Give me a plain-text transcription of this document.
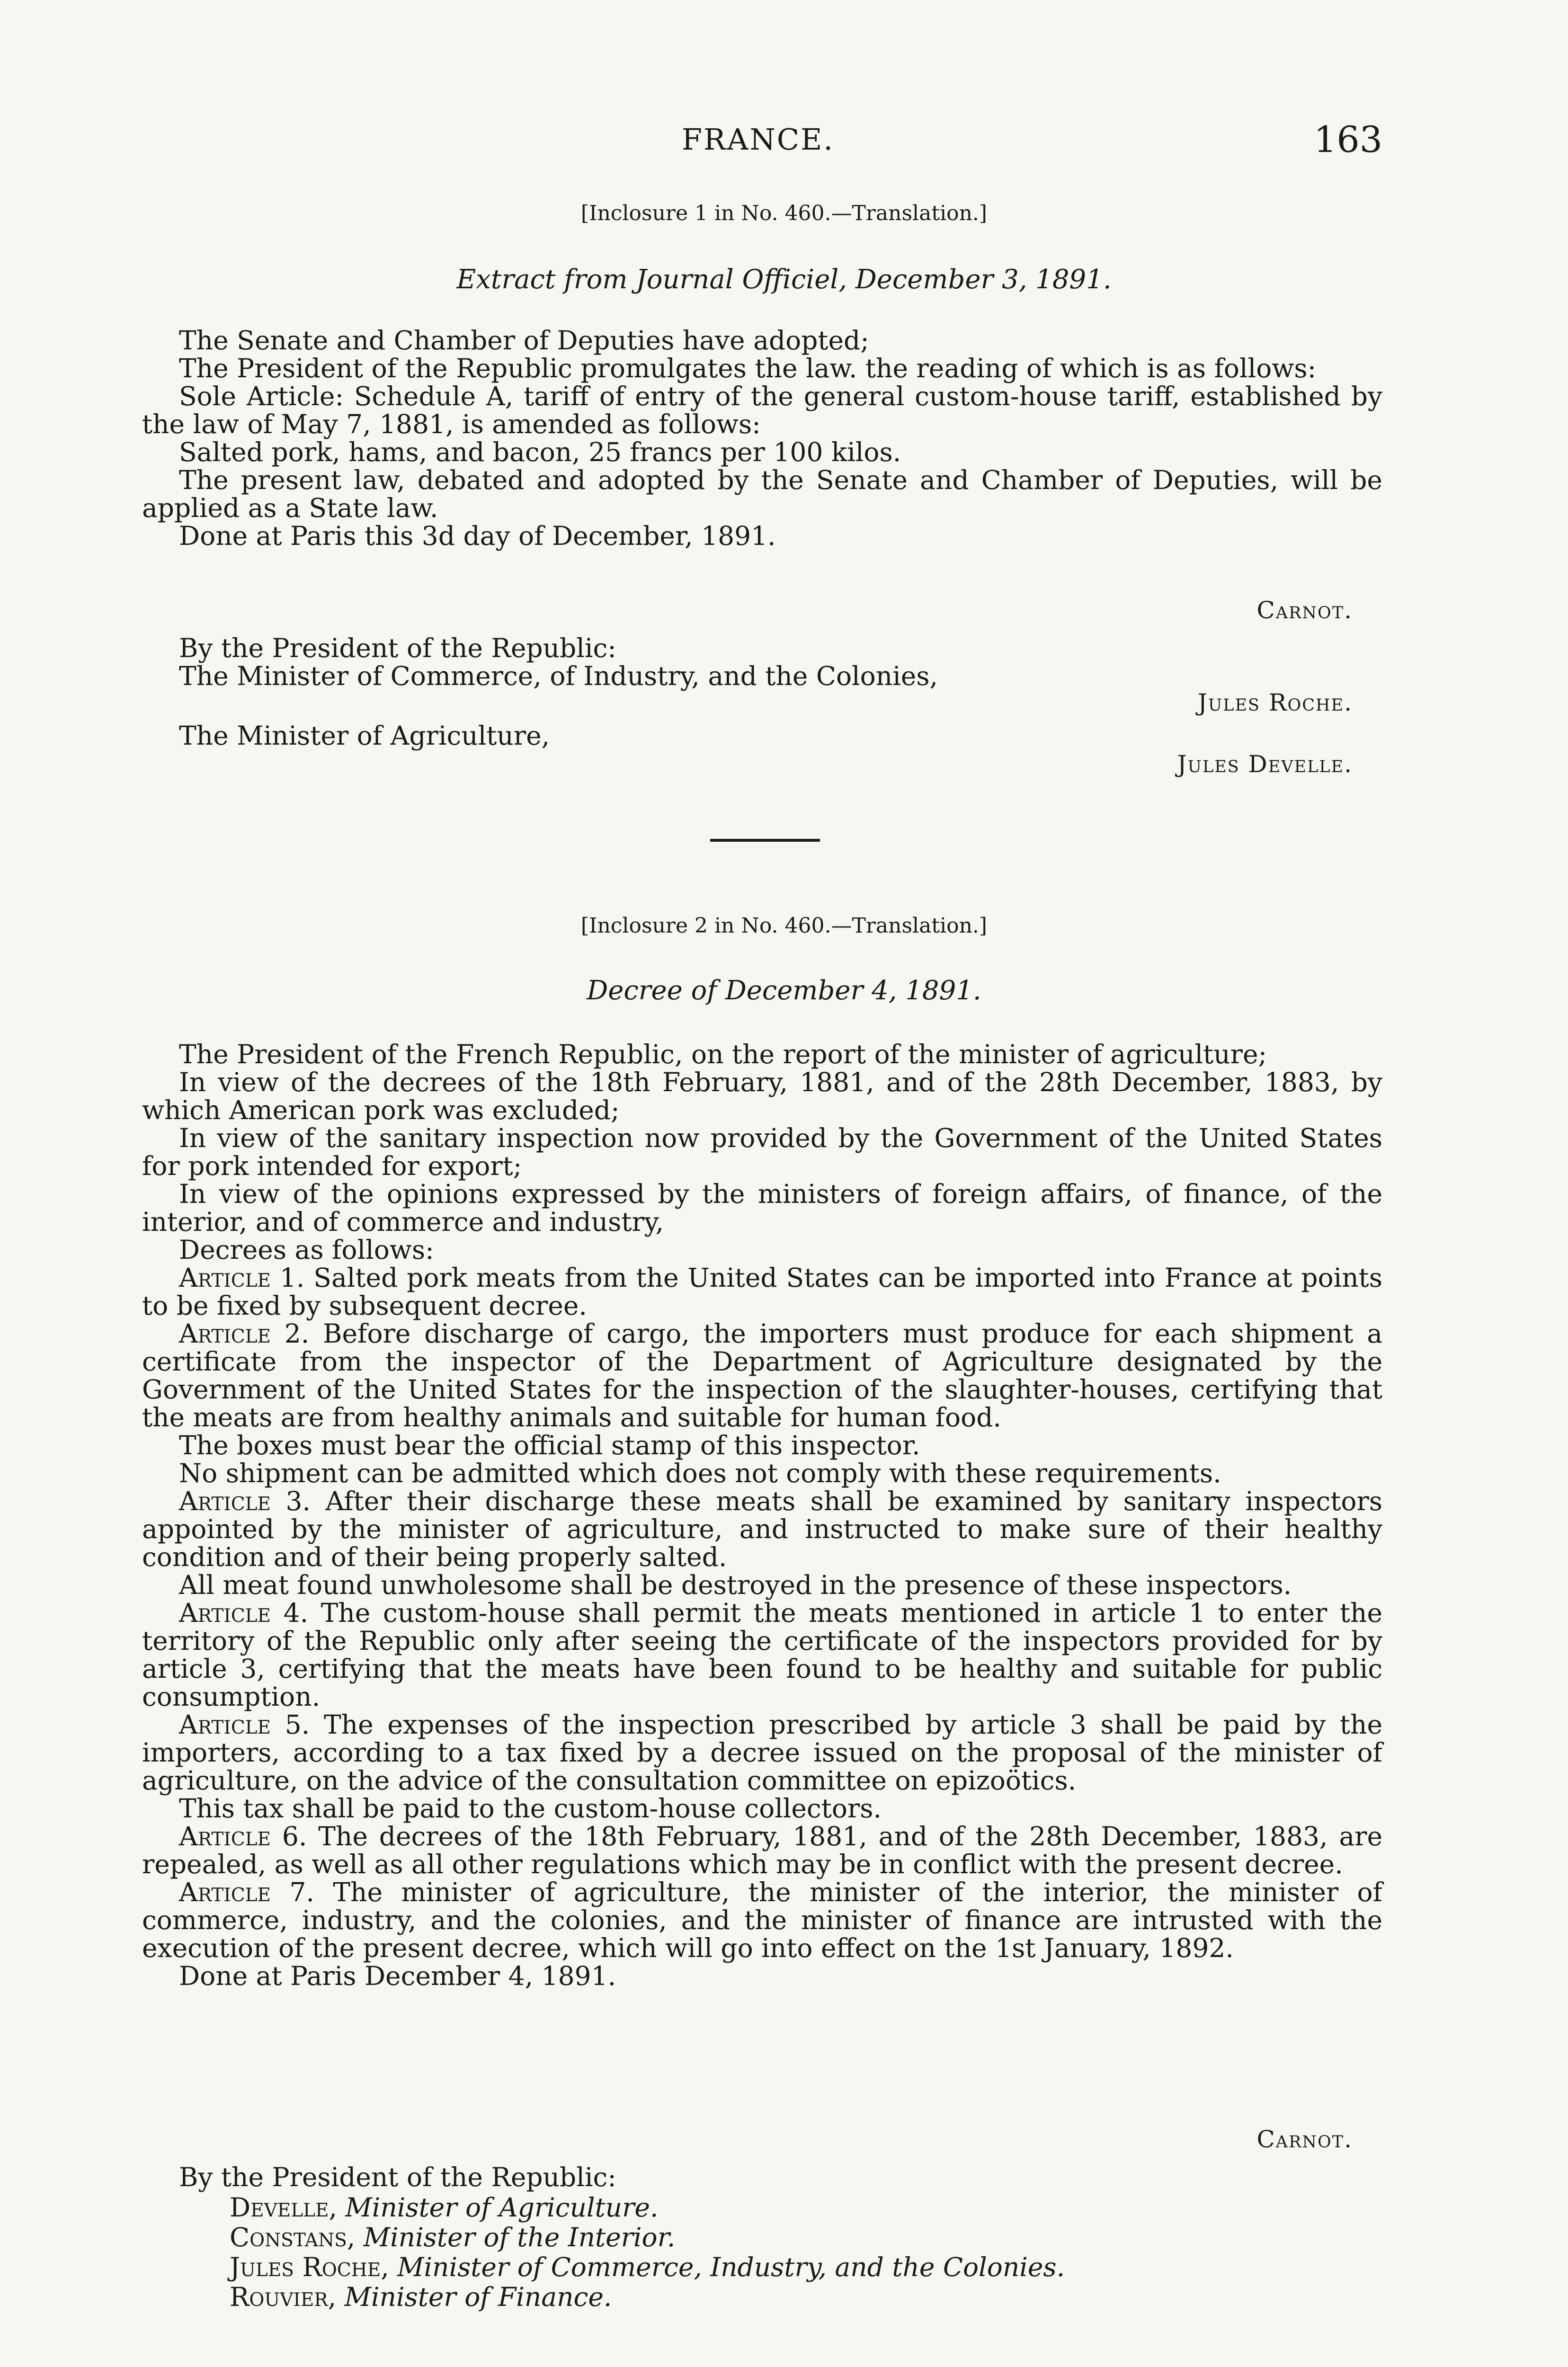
FRANCE.	163
[Inclosure 1 in No. 460.—Translation.]
Extract from Journal Officiel, December 3, 1891.
The Senate and Chamber of Deputies have adopted;
The President of the Republic promulgates the law. the reading of which is as follows:
Sole Article: Schedule A, tariff of entry of the general custom-house tariff, established by the law of May 7, 1881, is amended as follows:
Salted pork, hams, and bacon, 25 francs per 100 kilos.
The present law, debated and adopted by the Senate and Chamber of Deputies, will be applied as a State law.
Done at Paris this 3d day of December, 1891.
Carnot.
By the President of the Republic:
The Minister of Commerce, of Industry, and the Colonies,
Jules Roche.
The Minister of Agriculture,
Jules Develle.
[Inclosure 2 in No. 460.—Translation.]
Decree of December 4, 1891.
The President of the French Republic, on the report of the minister of agriculture;
In view of the decrees of the 18th February, 1881, and of the 28th December, 1883, by which American pork was excluded;
In view of the sanitary inspection now provided by the Government of the United States for pork intended for export;
In view of the opinions expressed by the ministers of foreign affairs, of finance, of the interior, and of commerce and industry,
Decrees as follows:
Article 1. Salted pork meats from the United States can be imported into France at points to be fixed by subsequent decree.
Article 2. Before discharge of cargo, the importers must produce for each shipment a certificate from the inspector of the Department of Agriculture designated by the Government of the United States for the inspection of the slaughter-houses, certifying that the meats are from healthy animals and suitable for human food.
The boxes must bear the official stamp of this inspector.
No shipment can be admitted which does not comply with these requirements.
Article 3. After their discharge these meats shall be examined by sanitary inspectors appointed by the minister of agriculture, and instructed to make sure of their healthy condition and of their being properly salted.
All meat found unwholesome shall be destroyed in the presence of these inspectors.
Article 4. The custom-house shall permit the meats mentioned in article 1 to enter the territory of the Republic only after seeing the certificate of the inspectors provided for by article 3, certifying that the meats have been found to be healthy and suitable for public consumption.
Article 5. The expenses of the inspection prescribed by article 3 shall be paid by the importers, according to a tax fixed by a decree issued on the proposal of the minister of agriculture, on the advice of the consultation committee on epizoötics.
This tax shall be paid to the custom-house collectors.
Article 6. The decrees of the 18th February, 1881, and of the 28th December, 1883, are repealed, as well as all other regulations which may be in conflict with the present decree.
Article 7. The minister of agriculture, the minister of the interior, the minister of commerce, industry, and the colonies, and the minister of finance are intrusted with the execution of the present decree, which will go into effect on the 1st January, 1892.
Done at Paris December 4, 1891.
Carnot.
By the President of the Republic:
Develle, Minister of Agriculture.
Constans, Minister of the Interior.
Jules Roche, Minister of Commerce, Industry, and the Colonies.
Rouvier, Minister of Finance.
